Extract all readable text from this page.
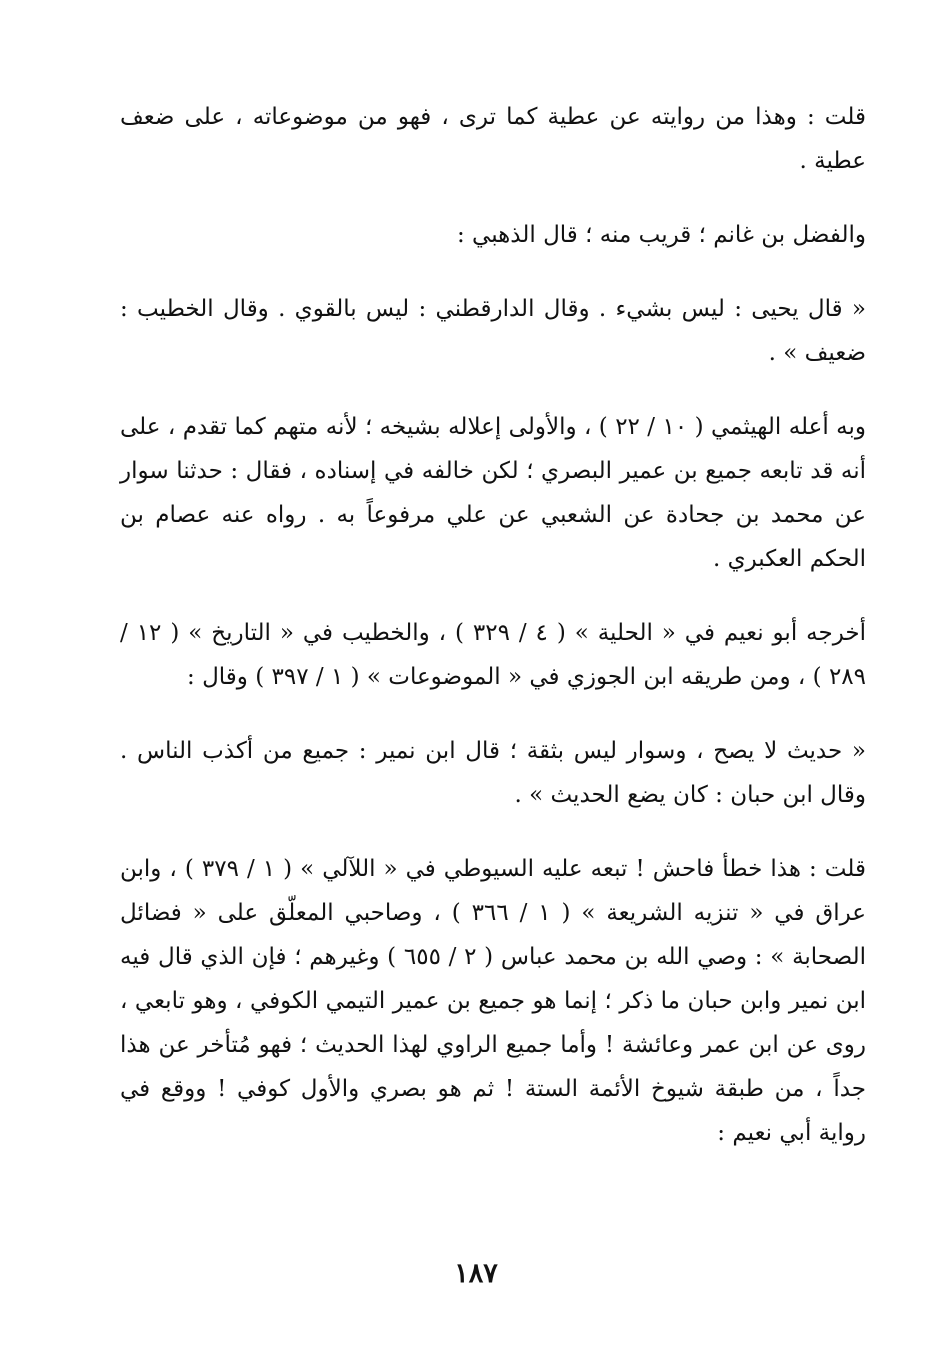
قلت : وهذا من روايته عن عطية كما ترى ، فهو من موضوعاته ، على ضعف عطية .

والفضل بن غانم ؛ قريب منه ؛ قال الذهبي :

« قال يحيى : ليس بشيء . وقال الدارقطني : ليس بالقوي . وقال الخطيب : ضعيف » .

وبه أعله الهيثمي ( ١٠ / ٢٢ ) ، والأولى إعلاله بشيخه ؛ لأنه متهم كما تقدم ، على أنه قد تابعه جميع بن عمير البصري ؛ لكن خالفه في إسناده ، فقال : حدثنا سوار عن محمد بن جحادة عن الشعبي عن علي مرفوعاً به . رواه عنه عصام بن الحكم العكبري .

أخرجه أبو نعيم في « الحلية » ( ٤ / ٣٢٩ ) ، والخطيب في « التاريخ » ( ١٢ / ٢٨٩ ) ، ومن طريقه ابن الجوزي في « الموضوعات » ( ١ / ٣٩٧ ) وقال :

« حديث لا يصح ، وسوار ليس بثقة ؛ قال ابن نمير : جميع من أكذب الناس . وقال ابن حبان : كان يضع الحديث » .

قلت : هذا خطأ فاحش ! تبعه عليه السيوطي في « اللآلي » ( ١ / ٣٧٩ ) ، وابن عراق في « تنزيه الشريعة » ( ١ / ٣٦٦ ) ، وصاحبي المعلّق على « فضائل الصحابة » : وصي الله بن محمد عباس ( ٢ / ٦٥٥ ) وغيرهم ؛ فإن الذي قال فيه ابن نمير وابن حبان ما ذكر ؛ إنما هو جميع بن عمير التيمي الكوفي ، وهو تابعي ، روى عن ابن عمر وعائشة ! وأما جميع الراوي لهذا الحديث ؛ فهو مُتأخر عن هذا جداً ، من طبقة شيوخ الأئمة الستة ! ثم هو بصري والأول كوفي ! ووقع في رواية أبي نعيم :

١٨٧
